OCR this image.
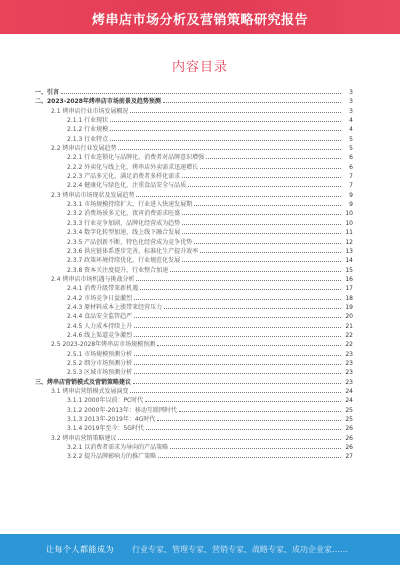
烤串店市场分析及营销策略研究报告
内容目录
一、引言	3
二、2023-2028年烤串店市场前景及趋势预测	3
2.1 烤串店行业市场发展概况	3
2.1.1 行业现状	4
2.1.2 行业规模	4
2.1.3 行业特点	5
2.2 烤串店行业发展趋势	5
2.2.1 行业连锁化与品牌化，消费者对品牌意识增强	6
2.2.2 外卖化与线上化，烤串店外卖需求迅速增长	6
2.2.3 产品多元化，满足消费者多样化需求	7
2.2.4 健康化与绿色化，注重食品安全与品质	7
2.3 烤串店市场现状及发展趋势	9
2.3.1 市场规模持续扩大，行业进入快速发展期	9
2.3.2 消费场景多元化，夜宵消费需求旺盛	10
2.3.3 行业竞争加剧，品牌化经营成为趋势	10
2.3.4 数字化转型加速，线上线下融合发展	11
2.3.5 产品创新不断，特色化经营成为竞争优势	12
2.3.6 供应链体系逐步完善，标准化生产提升效率	13
2.3.7 政策环境持续优化，行业规范化发展	14
2.3.8 资本关注度提升，行业整合加速	15
2.4 烤串店市场机遇与挑战分析	16
2.4.1 消费升级带来新机遇	17
2.4.2 市场竞争日益激烈	18
2.4.3 原材料成本上涨带来经营压力	19
2.4.4 食品安全监管趋严	20
2.4.5 人力成本持续上升	21
2.4.6 线上渠道竞争激烈	22
2.5 2023-2028年烤串店市场规模预测	22
2.5.1 市场规模预测分析	23
2.5.2 细分市场预测分析	23
2.5.3 区域市场预测分析	23
三、烤串店营销模式及营销策略建议	23
3.1 烤串店营销模式发展演变	24
3.1.1 2000年以前：PC时代	24
3.1.2 2000年-2013年：移动互联网时代	25
3.1.3 2013年-2019年：4G时代	25
3.1.4 2019年至今：5G时代	26
3.2 烤串店营销策略建议	26
3.2.1 以消费者需求为导向的产品策略	26
3.2.2 提升品牌影响力的推广策略	27
让每个人都能成为 行业专家、管理专家、营销专家、战略专家、成功企业家……
